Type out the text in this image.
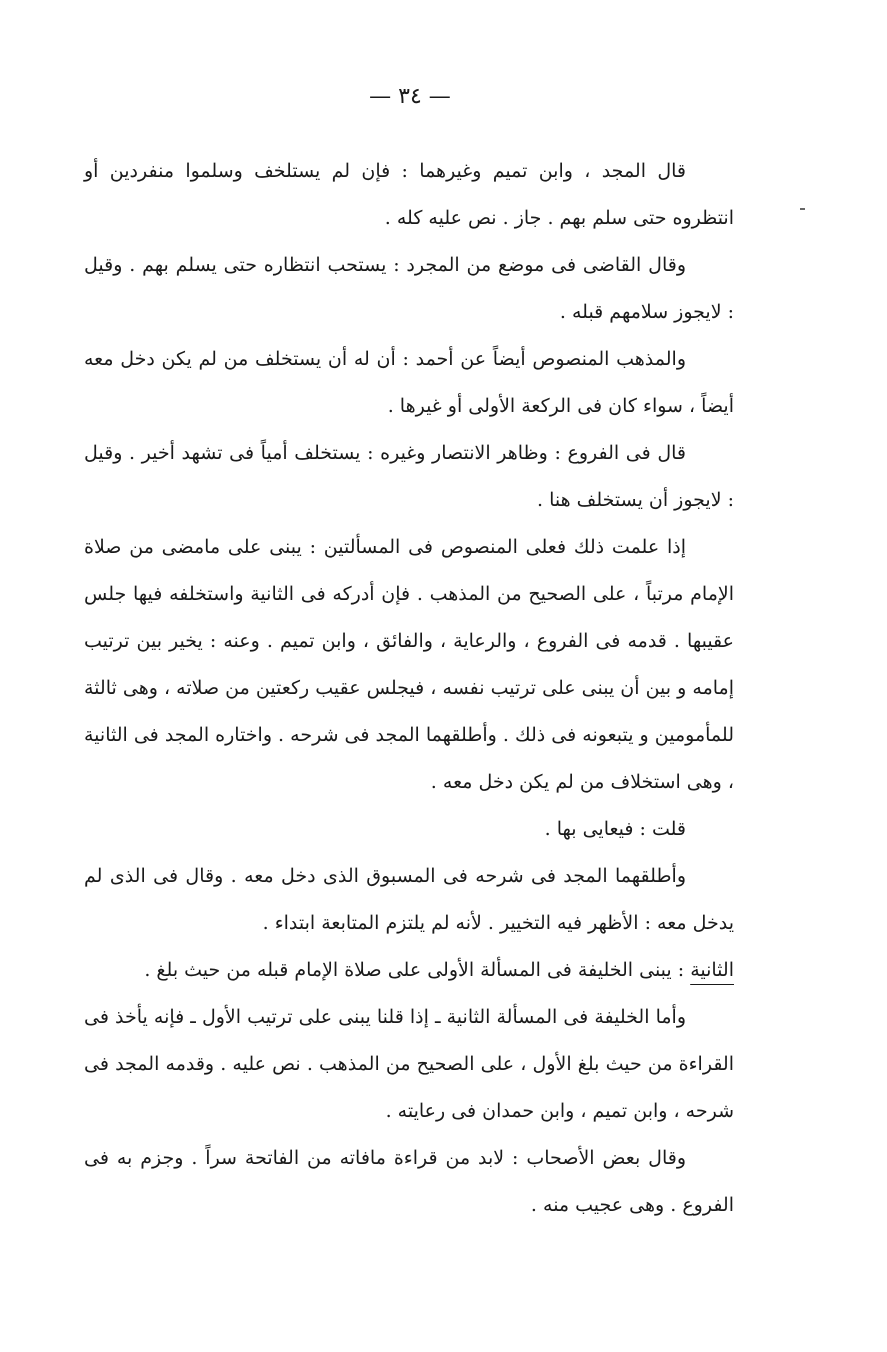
— ٣٤ —

قال المجد ، وابن تميم وغيرهما : فإن لم يستلخف وسلموا منفردين أو انتظروه حتى سلم بهم . جاز . نص عليه كله .

وقال القاضى فى موضع من المجرد : يستحب انتظاره حتى يسلم بهم . وقيل : لايجوز سلامهم قبله .

والمذهب المنصوص أيضاً عن أحمد : أن له أن يستخلف من لم يكن دخل معه أيضاً ، سواء كان فى الركعة الأولى أو غيرها .

قال فى الفروع : وظاهر الانتصار وغيره : يستخلف أمياً فى تشهد أخير . وقيل : لايجوز أن يستخلف هنا .

إذا علمت ذلك فعلى المنصوص فى المسألتين : يبنى على مامضى من صلاة الإمام مرتباً ، على الصحيح من المذهب . فإن أدركه فى الثانية واستخلفه فيها جلس عقيبها . قدمه فى الفروع ، والرعاية ، والفائق ، وابن تميم . وعنه : يخير بين ترتيب إمامه و بين أن يبنى على ترتيب نفسه ، فيجلس عقيب ركعتين من صلاته ، وهى ثالثة للمأمومين و يتبعونه فى ذلك . وأطلقهما المجد فى شرحه . واختاره المجد فى الثانية ، وهى استخلاف من لم يكن دخل معه .

قلت : فيعايى بها .

وأطلقهما المجد فى شرحه فى المسبوق الذى دخل معه . وقال فى الذى لم يدخل معه : الأظهر فيه التخيير . لأنه لم يلتزم المتابعة ابتداء .

الثانية : يبنى الخليفة فى المسألة الأولى على صلاة الإمام قبله من حيث بلغ .

وأما الخليفة فى المسألة الثانية ـ إذا قلنا يبنى على ترتيب الأول ـ فإنه يأخذ فى القراءة من حيث بلغ الأول ، على الصحيح من المذهب . نص عليه . وقدمه المجد فى شرحه ، وابن تميم ، وابن حمدان فى رعايته .

وقال بعض الأصحاب : لابد من قراءة مافاته من الفاتحة سراً . وجزم به فى الفروع . وهى عجيب منه .
